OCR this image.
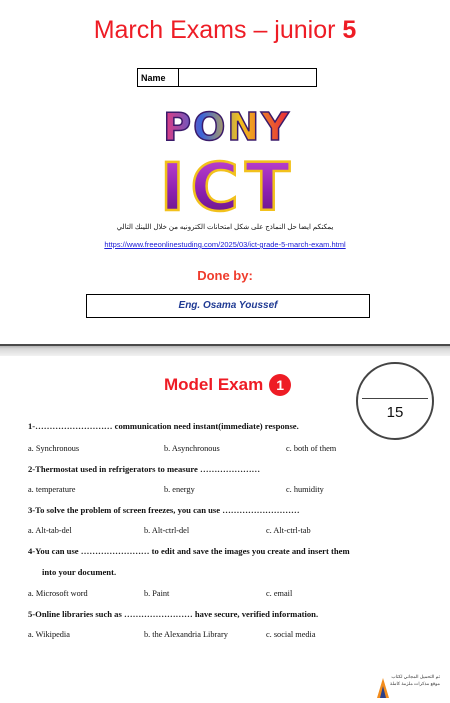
March Exams – junior 5
Name
PONY
ICT
يمكنكم ايضا حل النماذج على شكل امتحانات الكترونيه من خلال اللينك التالي
https://www.freeonlinestuding.com/2025/03/ict-grade-5-march-exam.html
Done by:
Eng. Osama Youssef
Model Exam 1
15
1-……………………… communication need instant(immediate) response.
a. Synchronous	b. Asynchronous	c. both of them
2-Thermostat used in refrigerators to measure …………………
a. temperature	b. energy	c. humidity
3-To solve the problem of screen freezes, you can use ………………………
a. Alt-tab-del	b. Alt-ctrl-del	c. Alt-ctrl-tab
4-You can use …………………… to edit and save the images you create and insert them
into your document.
a. Microsoft word	b. Paint	c. email
5-Online libraries such as …………………… have secure, verified information.
a. Wikipedia	b. the Alexandria Library	c. social media
تم التحميل المجاني لكتاب
موقع مذكرات ملزمة كاملة
